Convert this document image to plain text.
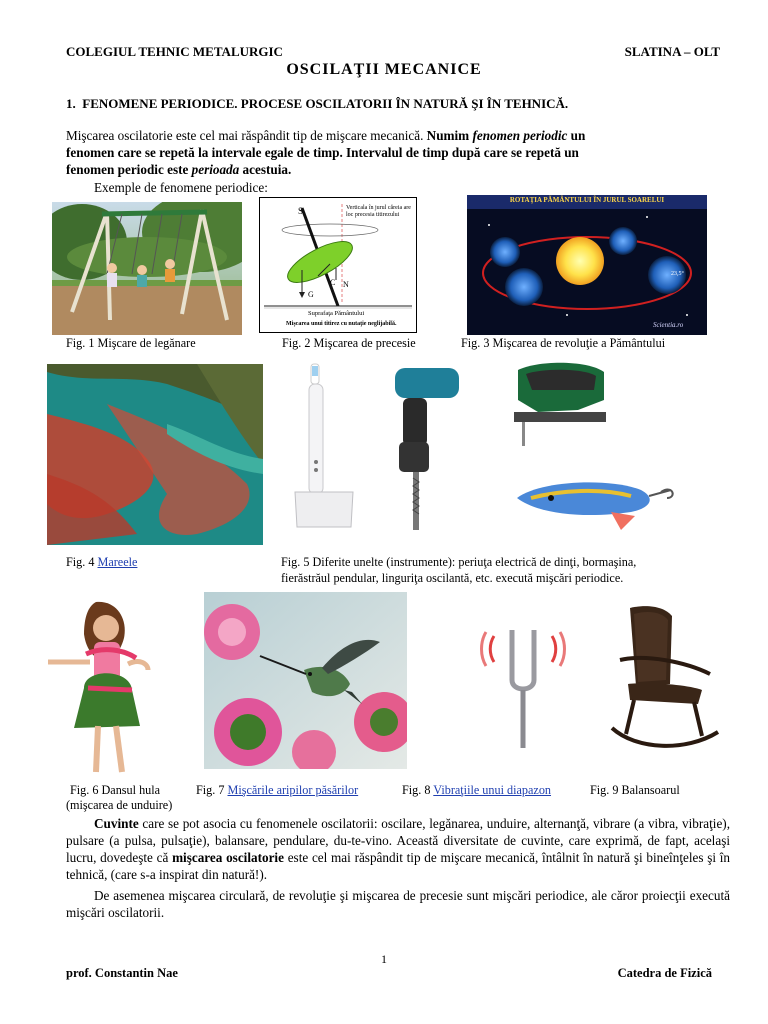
COLEGIUL TEHNIC METALURGIC	SLATINA – OLT
OSCILAŢII MECANICE
1. FENOMENE PERIODICE. PROCESE OSCILATORII ÎN NATURĂ ŞI ÎN TEHNICĂ.
Mişcarea oscilatorie este cel mai răspândit tip de mişcare mecanică. Numim fenomen periodic un
fenomen care se repetă la intervale egale de timp. Intervalul de timp după care se repetă un
fenomen periodic este perioada acestuia.
Exemple de fenomene periodice:
S	Verticala în jurul căreia are loc precesia titirezului
C N
G
Suprafaţa Pământului
Mişcarea unui titirez cu nutaţie neglijabilă.
ROTAŢIA PĂMÂNTULUI ÎN JURUL SOARELUI
23,5°
Scientia.ro
Fig. 1 Mişcare de legănare	Fig. 2 Mişcarea de precesie	Fig. 3 Mişcarea de revoluţie a Pământului
Fig. 4 Mareele	Fig. 5 Diferite unelte (instrumente): periuţa electrică de dinţi, bormaşina,
fierăstrăul pendular, linguriţa oscilantă, etc. execută mişcări periodice.
Fig. 6 Dansul hula
(mişcarea de unduire)
Fig. 7 Mişcările aripilor păsărilor	Fig. 8 Vibraţiile unui diapazon	Fig. 9 Balansoarul
Cuvinte care se pot asocia cu fenomenele oscilatorii: oscilare, legănarea, unduire, alternanţă, vibrare (a vibra, vibraţie), pulsare (a pulsa, pulsaţie), balansare, pendulare, du-te-vino. Această diversitate de cuvinte, care exprimă, de fapt, acelaşi lucru, dovedeşte că mişcarea oscilatorie este cel mai răspândit tip de mişcare mecanică, întâlnit în natură şi bineînţeles şi în tehnică, (care s-a inspirat din natură!).
De asemenea mişcarea circulară, de revoluţie şi mişcarea de precesie sunt mişcări periodice, ale căror proiecţii execută mişcări oscilatorii.
1
prof. Constantin Nae	Catedra de Fizică
